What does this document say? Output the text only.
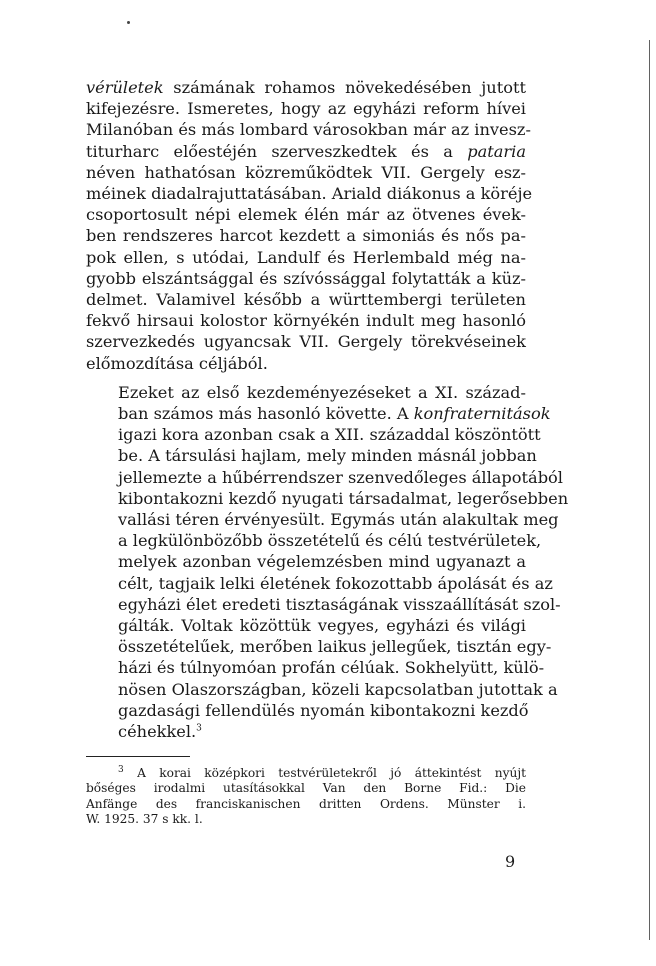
vérületek számának rohamos növekedésében jutott
kifejezésre. Ismeretes, hogy az egyházi reform hívei
Milanóban és más lombard városokban már az invesz-
titurharc előestéjén szerveszkedtek és a pataria
néven hathatósan közreműködtek VII. Gergely esz-
méinek diadalrajuttatásában. Ariald diákonus a köréje
csoportosult népi elemek élén már az ötvenes évek-
ben rendszeres harcot kezdett a simoniás és nős pa-
pok ellen, s utódai, Landulf és Herlembald még na-
gyobb elszántsággal és szívóssággal folytatták a küz-
delmet. Valamivel később a württembergi területen
fekvő hirsaui kolostor környékén indult meg hasonló
szervezkedés ugyancsak VII. Gergely törekvéseinek
előmozdítása céljából.

Ezeket az első kezdeményezéseket a XI. század-
ban számos más hasonló követte. A konfraternitások
igazi kora azonban csak a XII. századdal köszöntött
be. A társulási hajlam, mely minden másnál jobban
jellemezte a hűbérrendszer szenvedőleges állapotából
kibontakozni kezdő nyugati társadalmat, legerősebben
vallási téren érvényesült. Egymás után alakultak meg
a legkülönbözőbb összetételű és célú testvérületek,
melyek azonban végelemzésben mind ugyanazt a
célt, tagjaik lelki életének fokozottabb ápolását és az
egyházi élet eredeti tisztaságának visszaállítását szol-
gálták. Voltak közöttük vegyes, egyházi és világi
összetételűek, merőben laikus jellegűek, tisztán egy-
házi és túlnyomóan profán célúak. Sokhelyütt, külö-
nösen Olaszországban, közeli kapcsolatban jutottak a
gazdasági fellendülés nyomán kibontakozni kezdő
céhekkel.$^3$

$^3$ A korai középkori testvérületekről jó áttekintést nyújt
bőséges irodalmi utasításokkal Van den Borne Fid.: Die
Anfänge des franciskanischen dritten Ordens. Münster i.
W. 1925. 37 s kk. l.
9
